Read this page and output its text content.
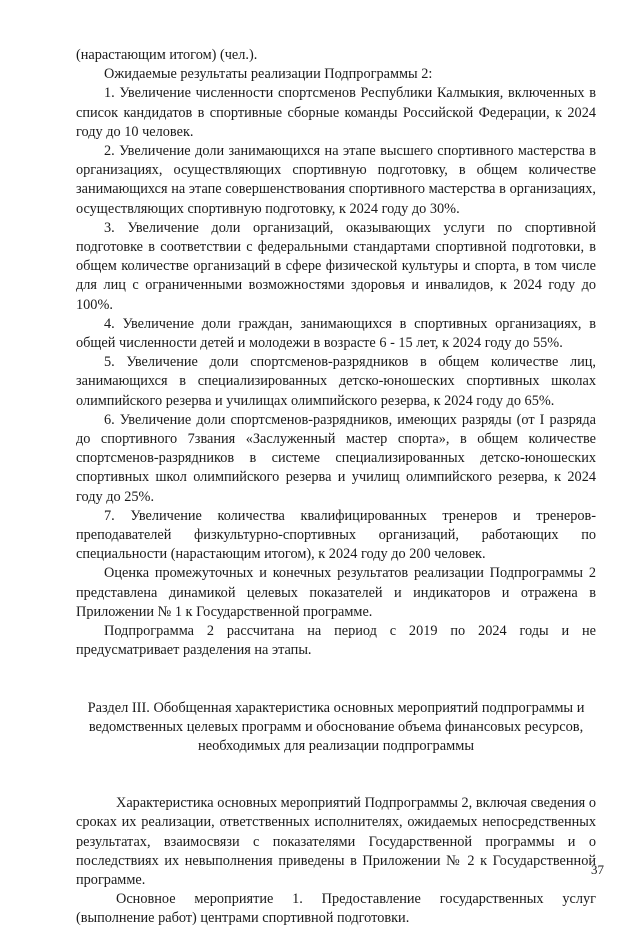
(нарастающим итогом) (чел.).

Ожидаемые результаты реализации Подпрограммы 2:

1. Увеличение численности спортсменов Республики Калмыкия, включенных в список кандидатов в спортивные сборные команды Российской Федерации, к 2024 году до 10 человек.

2. Увеличение доли занимающихся на этапе высшего спортивного мастерства в организациях, осуществляющих спортивную подготовку, в общем количестве занимающихся на этапе совершенствования спортивного мастерства в организациях, осуществляющих спортивную подготовку, к 2024 году до 30%.

3. Увеличение доли организаций, оказывающих услуги по спортивной подготовке в соответствии с федеральными стандартами спортивной подготовки, в общем количестве организаций в сфере физической культуры и спорта, в том числе для лиц с ограниченными возможностями здоровья и инвалидов, к 2024 году до 100%.

4. Увеличение доли граждан, занимающихся в спортивных организациях, в общей численности детей и молодежи в возрасте 6 - 15 лет, к 2024 году до 55%.

5. Увеличение доли спортсменов-разрядников в общем количестве лиц, занимающихся в специализированных детско-юношеских спортивных школах олимпийского резерва и училищах олимпийского резерва, к 2024 году до 65%.

6. Увеличение доли спортсменов-разрядников, имеющих разряды (от I разряда до спортивного 7звания «Заслуженный мастер спорта», в общем количестве спортсменов-разрядников в системе специализированных детско-юношеских спортивных школ олимпийского резерва и училищ олимпийского резерва, к 2024 году до 25%.

7. Увеличение количества квалифицированных тренеров и тренеров-преподавателей физкультурно-спортивных организаций, работающих по специальности (нарастающим итогом), к 2024 году до 200 человек.

Оценка промежуточных и конечных результатов реализации Подпрограммы 2 представлена динамикой целевых показателей и индикаторов и отражена в Приложении № 1 к Государственной программе.

Подпрограмма 2 рассчитана на период с 2019 по 2024 годы и не предусматривает разделения на этапы.

Раздел III. Обобщенная характеристика основных мероприятий подпрограммы и ведомственных целевых программ и обоснование объема финансовых ресурсов, необходимых для реализации подпрограммы

Характеристика основных мероприятий Подпрограммы 2, включая сведения о сроках их реализации, ответственных исполнителях, ожидаемых непосредственных результатах, взаимосвязи с показателями Государственной программы и о последствиях их невыполнения приведены в Приложении № 2 к Государственной программе.

Основное мероприятие 1. Предоставление государственных услуг (выполнение работ) центрами спортивной подготовки.

37
